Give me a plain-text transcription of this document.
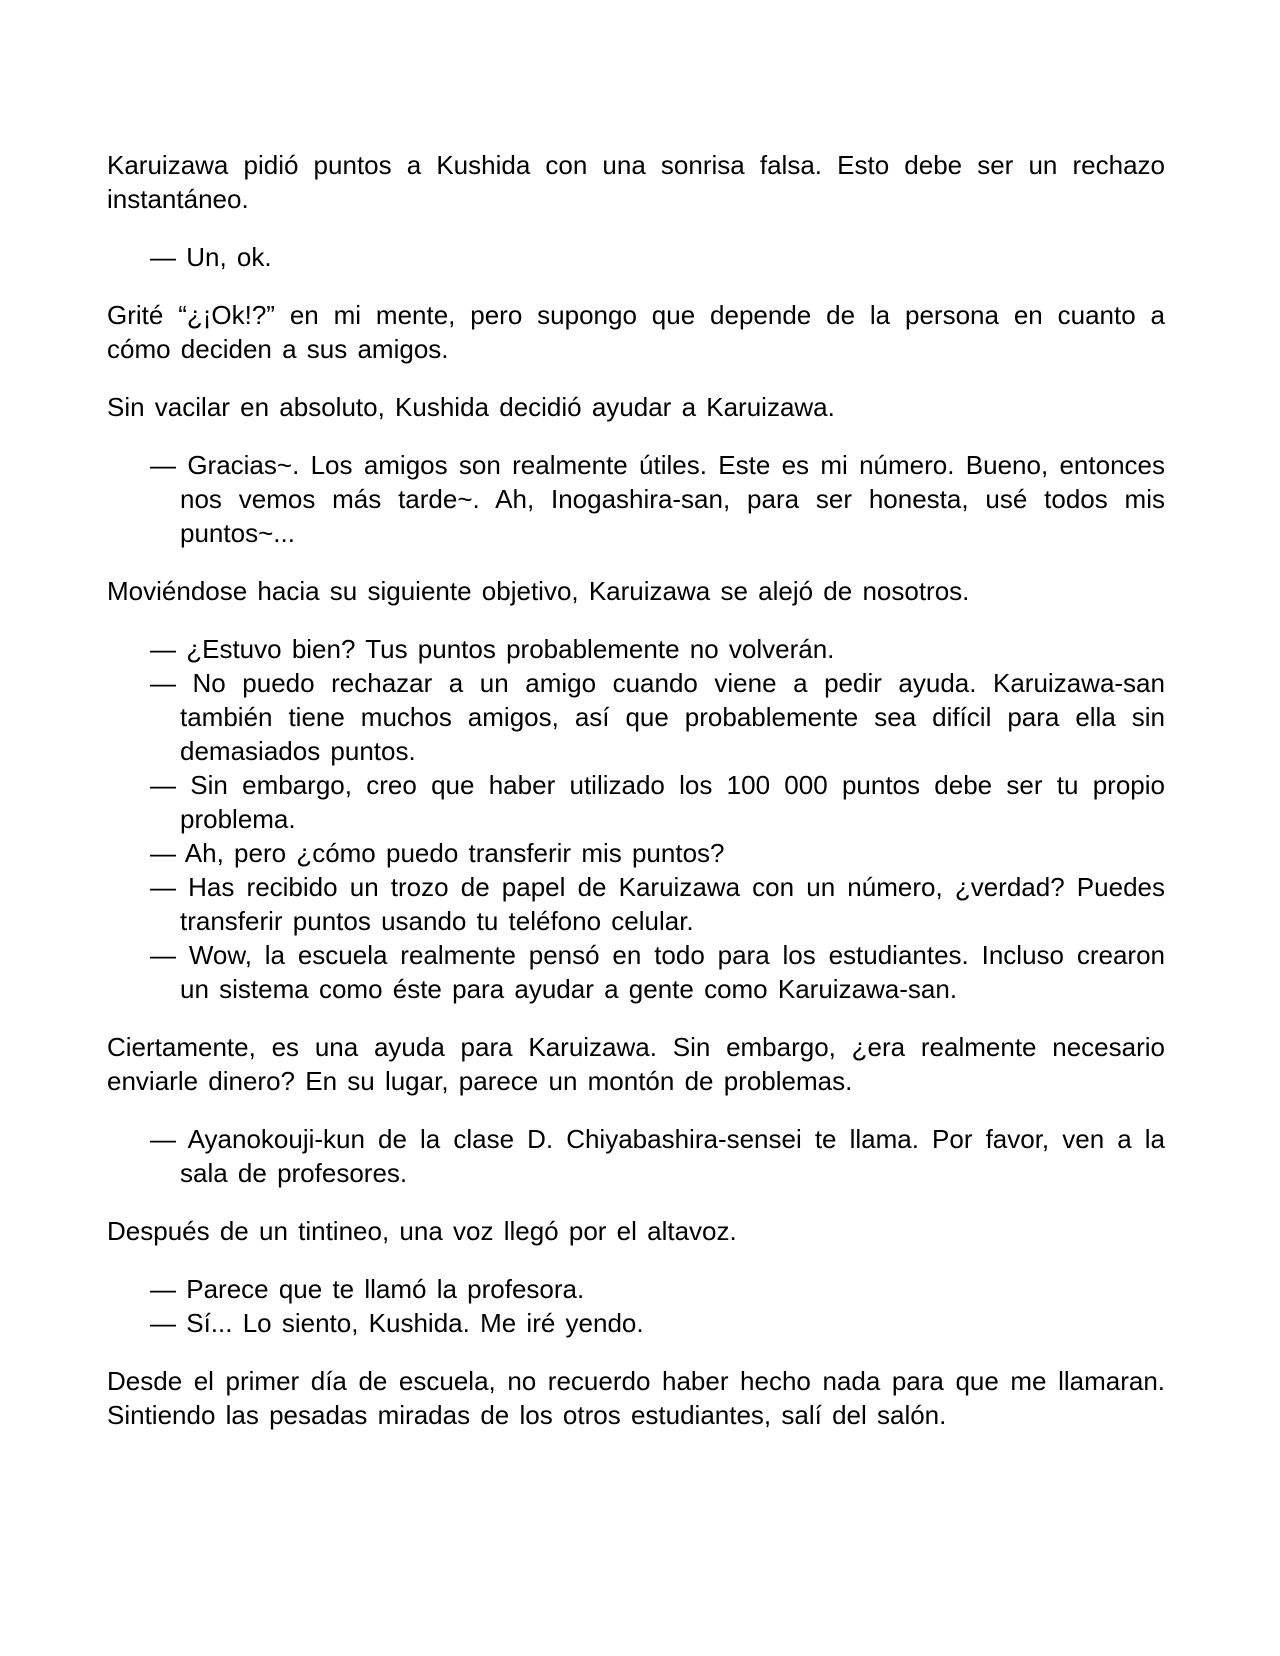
Karuizawa pidió puntos a Kushida con una sonrisa falsa. Esto debe ser un rechazo instantáneo.

— Un, ok.

Grité “¿¡Ok!?” en mi mente, pero supongo que depende de la persona en cuanto a cómo deciden a sus amigos.

Sin vacilar en absoluto, Kushida decidió ayudar a Karuizawa.

— Gracias~. Los amigos son realmente útiles. Este es mi número. Bueno, entonces nos vemos más tarde~. Ah, Inogashira-san, para ser honesta, usé todos mis puntos~...

Moviéndose hacia su siguiente objetivo, Karuizawa se alejó de nosotros.

— ¿Estuvo bien? Tus puntos probablemente no volverán.

— No puedo rechazar a un amigo cuando viene a pedir ayuda. Karuizawa-san también tiene muchos amigos, así que probablemente sea difícil para ella sin demasiados puntos.

— Sin embargo, creo que haber utilizado los 100 000 puntos debe ser tu propio problema.

— Ah, pero ¿cómo puedo transferir mis puntos?

— Has recibido un trozo de papel de Karuizawa con un número, ¿verdad? Puedes transferir puntos usando tu teléfono celular.

— Wow, la escuela realmente pensó en todo para los estudiantes. Incluso crearon un sistema como éste para ayudar a gente como Karuizawa-san.

Ciertamente, es una ayuda para Karuizawa. Sin embargo, ¿era realmente necesario enviarle dinero? En su lugar, parece un montón de problemas.

— Ayanokouji-kun de la clase D. Chiyabashira-sensei te llama. Por favor, ven a la sala de profesores.

Después de un tintineo, una voz llegó por el altavoz.

— Parece que te llamó la profesora.

— Sí... Lo siento, Kushida. Me iré yendo.

Desde el primer día de escuela, no recuerdo haber hecho nada para que me llamaran. Sintiendo las pesadas miradas de los otros estudiantes, salí del salón.
